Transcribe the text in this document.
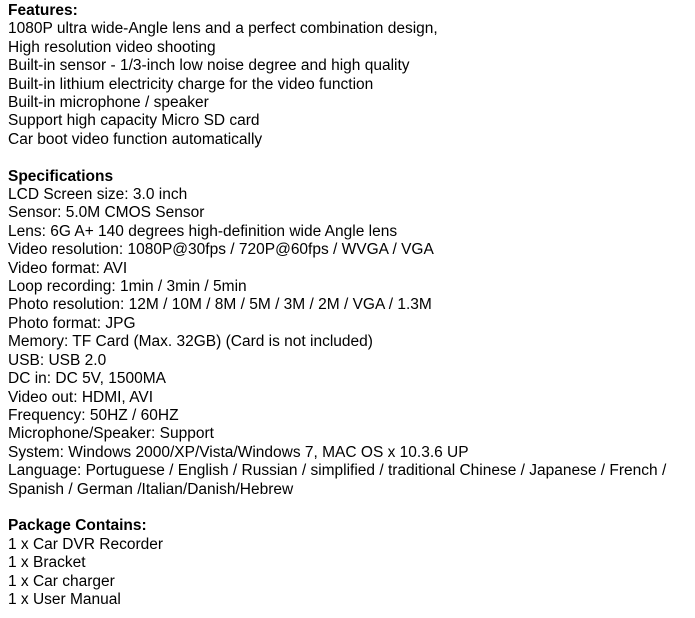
Features:

1080P ultra wide-Angle lens and a perfect combination design,

High resolution video shooting

Built-in sensor - 1/3-inch low noise degree and high quality

Built-in lithium electricity charge for the video function

Built-in microphone / speaker

Support high capacity Micro SD card

Car boot video function automatically

Specifications

LCD Screen size: 3.0 inch

Sensor: 5.0M CMOS Sensor

Lens: 6G A+ 140 degrees high-definition wide Angle lens

Video resolution: 1080P@30fps / 720P@60fps / WVGA / VGA

Video format: AVI

Loop recording: 1min / 3min / 5min

Photo resolution: 12M / 10M / 8M / 5M / 3M / 2M / VGA / 1.3M

Photo format: JPG

Memory: TF Card (Max. 32GB) (Card is not included)

USB: USB 2.0

DC in: DC 5V, 1500MA

Video out: HDMI, AVI

Frequency: 50HZ / 60HZ

Microphone/Speaker: Support

System: Windows 2000/XP/Vista/Windows 7, MAC OS x 10.3.6 UP

Language: Portuguese / English / Russian / simplified / traditional Chinese / Japanese / French /

Spanish / German /Italian/Danish/Hebrew

Package Contains:

1 x Car DVR Recorder

1 x Bracket

1 x Car charger

1 x User Manual
